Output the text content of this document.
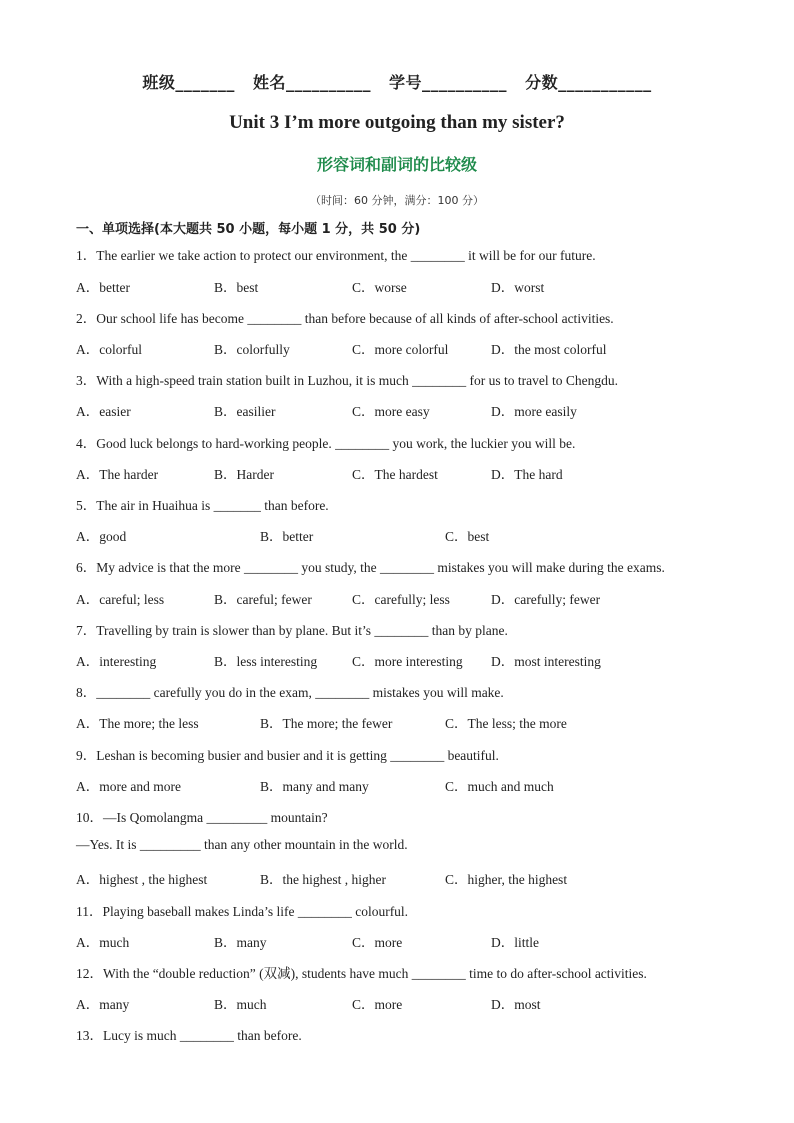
班级_______ 姓名__________ 学号__________ 分数___________
Unit 3 I’m more outgoing than my sister?
形容词和副词的比较级
（时间：60 分钟，满分：100 分）
一、单项选择(本大题共 50 小题，每小题 1 分，共 50 分)
1．The earlier we take action to protect our environment, the ________ it will be for our future.
A．better	B．best	C．worse	D．worst
2．Our school life has become ________ than before because of all kinds of after-school activities.
A．colorful	B．colorfully	C．more colorful	D．the most colorful
3．With a high-speed train station built in Luzhou, it is much ________ for us to travel to Chengdu.
A．easier	B．easilier	C．more easy	D．more easily
4．Good luck belongs to hard-working people. ________ you work, the luckier you will be.
A．The harder	B．Harder	C．The hardest	D．The hard
5．The air in Huaihua is _______ than before.
A．good	B．better	C．best
6．My advice is that the more ________ you study, the ________ mistakes you will make during the exams.
A．careful; less	B．careful; fewer	C．carefully; less	D．carefully; fewer
7．Travelling by train is slower than by plane. But it’s ________ than by plane.
A．interesting	B．less interesting	C．more interesting D．most interesting
8．________ carefully you do in the exam, ________ mistakes you will make.
A．The more; the less	B．The more; the fewer	C．The less; the more
9．Leshan is becoming busier and busier and it is getting ________ beautiful.
A．more and more	B．many and many	C．much and much
10．—Is Qomolangma _________ mountain?
—Yes. It is _________ than any other mountain in the world.
A．highest , the highest	B．the highest , higher	C．higher, the highest
11．Playing baseball makes Linda’s life ________ colourful.
A．much	B．many	C．more	D．little
12．With the “double reduction” (双减), students have much ________ time to do after-school activities.
A．many	B．much	C．more	D．most
13．Lucy is much ________ than before.
